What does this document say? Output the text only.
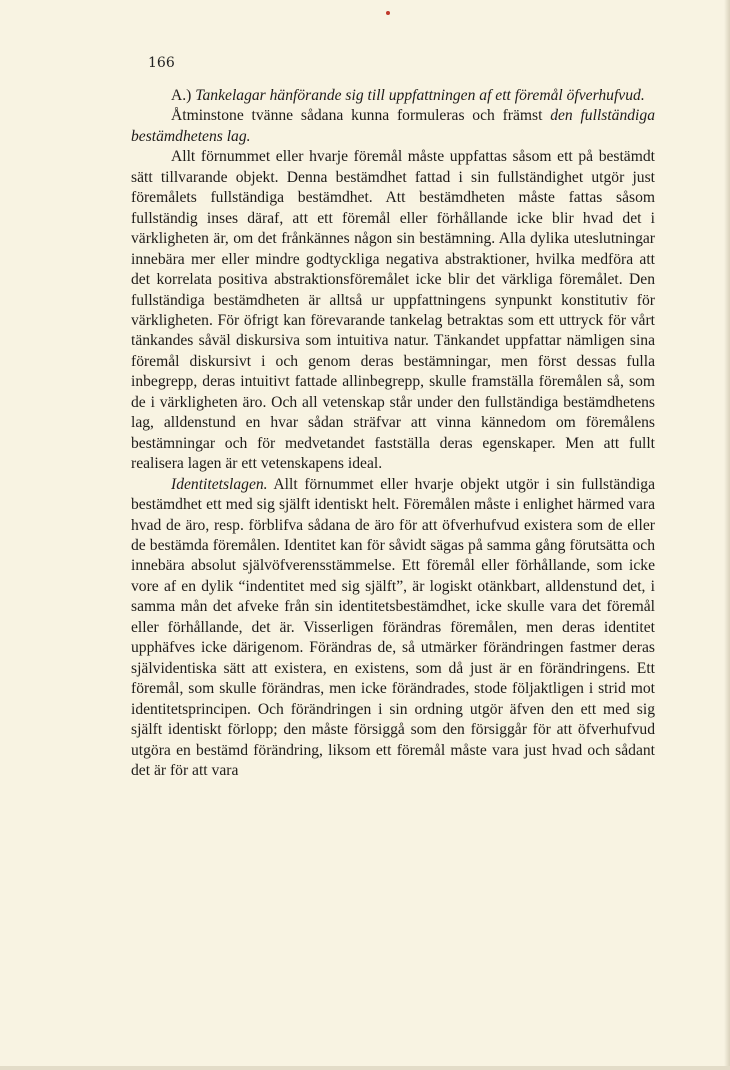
166

A.) Tankelagar hänförande sig till uppfattningen af ett föremål öfverhufvud.

Åtminstone tvänne sådana kunna formuleras och främst den fullständiga bestämdhetens lag.

Allt förnummet eller hvarje föremål måste uppfattas såsom ett på bestämdt sätt tillvarande objekt. Denna bestämdhet fattad i sin fullständighet utgör just föremålets fullständiga bestämdhet. Att bestämdheten måste fattas såsom fullständig inses däraf, att ett föremål eller förhållande icke blir hvad det i värkligheten är, om det frånkännes någon sin bestämning. Alla dylika uteslutningar innebära mer eller mindre godtyckliga negativa abstraktioner, hvilka medföra att det korrelata positiva abstraktionsföremålet icke blir det värkliga föremålet. Den fullständiga bestämdheten är alltså ur uppfattningens synpunkt konstitutiv för värkligheten. För öfrigt kan förevarande tankelag betraktas som ett uttryck för vårt tänkandes såväl diskursiva som intuitiva natur. Tänkandet uppfattar nämligen sina föremål diskursivt i och genom deras bestämningar, men först dessas fulla inbegrepp, deras intuitivt fattade allinbegrepp, skulle framställa föremålen så, som de i värkligheten äro. Och all vetenskap står under den fullständiga bestämdhetens lag, alldenstund en hvar sådan sträfvar att vinna kännedom om föremålens bestämningar och för medvetandet fastställa deras egenskaper. Men att fullt realisera lagen är ett vetenskapens ideal.

Identitetslagen. Allt förnummet eller hvarje objekt utgör i sin fullständiga bestämdhet ett med sig själft identiskt helt. Föremålen måste i enlighet härmed vara hvad de äro, resp. förblifva sådana de äro för att öfverhufvud existera som de eller de bestämda föremålen. Identitet kan för såvidt sägas på samma gång förutsätta och innebära absolut självöfverensstämmelse. Ett föremål eller förhållande, som icke vore af en dylik “indentitet med sig själft”, är logiskt otänkbart, alldenstund det, i samma mån det afveke från sin identitetsbestämdhet, icke skulle vara det föremål eller förhållande, det är. Visserligen förändras föremålen, men deras identitet upphäfves icke därigenom. Förändras de, så utmärker förändringen fastmer deras självidentiska sätt att existera, en existens, som då just är en förändringens. Ett föremål, som skulle förändras, men icke förändrades, stode följaktligen i strid mot identitetsprincipen. Och förändringen i sin ordning utgör äfven den ett med sig själft identiskt förlopp; den måste försiggå som den försiggår för att öfverhufvud utgöra en bestämd förändring, liksom ett föremål måste vara just hvad och sådant det är för att vara
